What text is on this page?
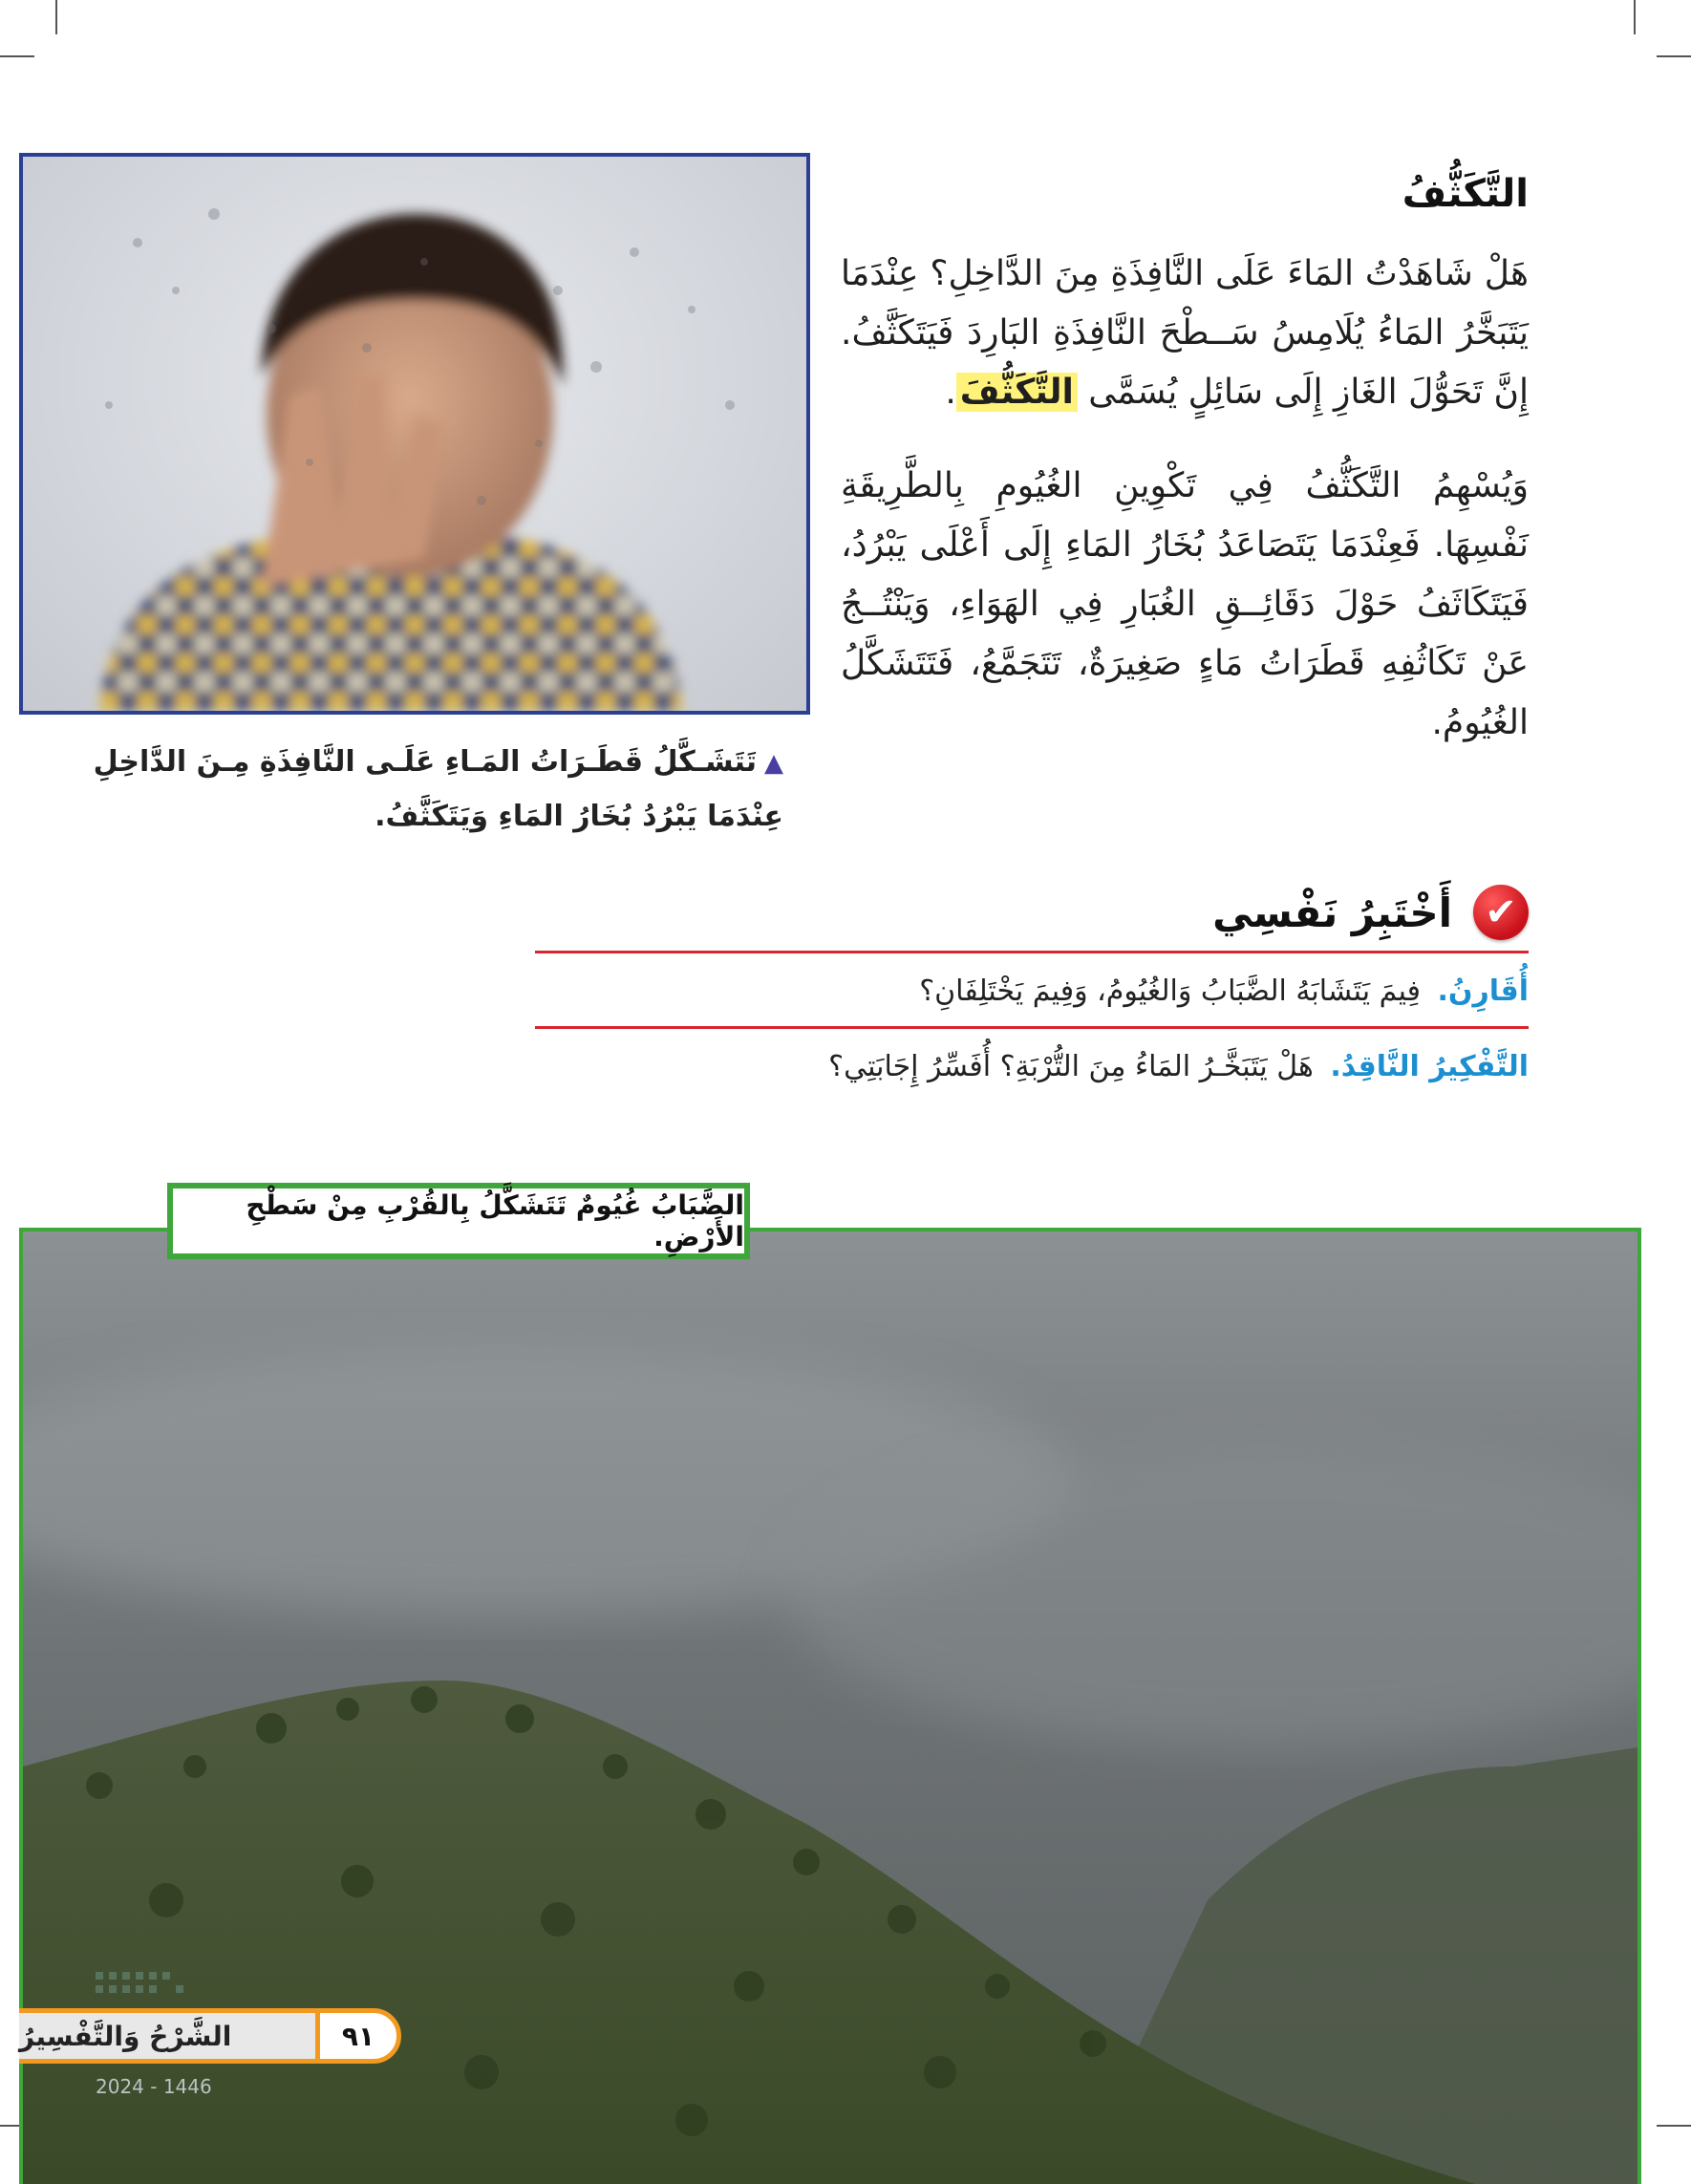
التَّكَثُّفُ

هَلْ شَاهَدْتُ المَاءَ عَلَى النَّافِذَةِ مِنَ الدَّاخِلِ؟ عِنْدَمَا يَتَبَخَّرُ المَاءُ يُلَامِسُ سَــطْحَ النَّافِذَةِ البَارِدَ فَيَتَكَثَّفُ. إِنَّ تَحَوُّلَ الغَازِ إِلَى سَائِلٍ يُسَمَّى التَّكَثُّفَ.

وَيُسْهِمُ التَّكَثُّفُ فِي تَكْوِينِ الغُيُومِ بِالطَّرِيقَةِ نَفْسِهَا. فَعِنْدَمَا يَتَصَاعَدُ بُخَارُ المَاءِ إِلَى أَعْلَى يَبْرُدُ، فَيَتَكَاثَفُ حَوْلَ دَقَائِــقِ الغُبَارِ فِي الهَوَاءِ، وَيَنْتُــجُ عَنْ تَكَاثُفِهِ قَطَرَاتُ مَاءٍ صَغِيرَةٌ، تَتَجَمَّعُ، فَتَتَشَكَّلُ الغُيُومُ.

▲تَتَشَـكَّلُ قَطَـرَاتُ المَـاءِ عَلَـى النَّافِذَةِ مِـنَ الدَّاخِلِ عِنْدَمَا يَبْرُدُ بُخَارُ المَاءِ وَيَتَكَثَّفُ.
✔
أَخْتَبِرُ نَفْسِي
أُقَارِنُ. فِيمَ يَتَشَابَهُ الضَّبَابُ وَالغُيُومُ، وَفِيمَ يَخْتَلِفَانِ؟
التَّفْكِيرُ النَّاقِدُ. هَلْ يَتَبَخَّـرُ المَاءُ مِنَ التُّرْبَةِ؟ أُفَسِّرُ إِجَابَتِي؟
الضَّبَابُ غُيُومٌ تَتَشَكَّلُ بِالقُرْبِ مِنْ سَطْحِ الأَرْضِ.
2024 - 1446
الشَّرْحُ وَالتَّفْسِيرُ	٩١
